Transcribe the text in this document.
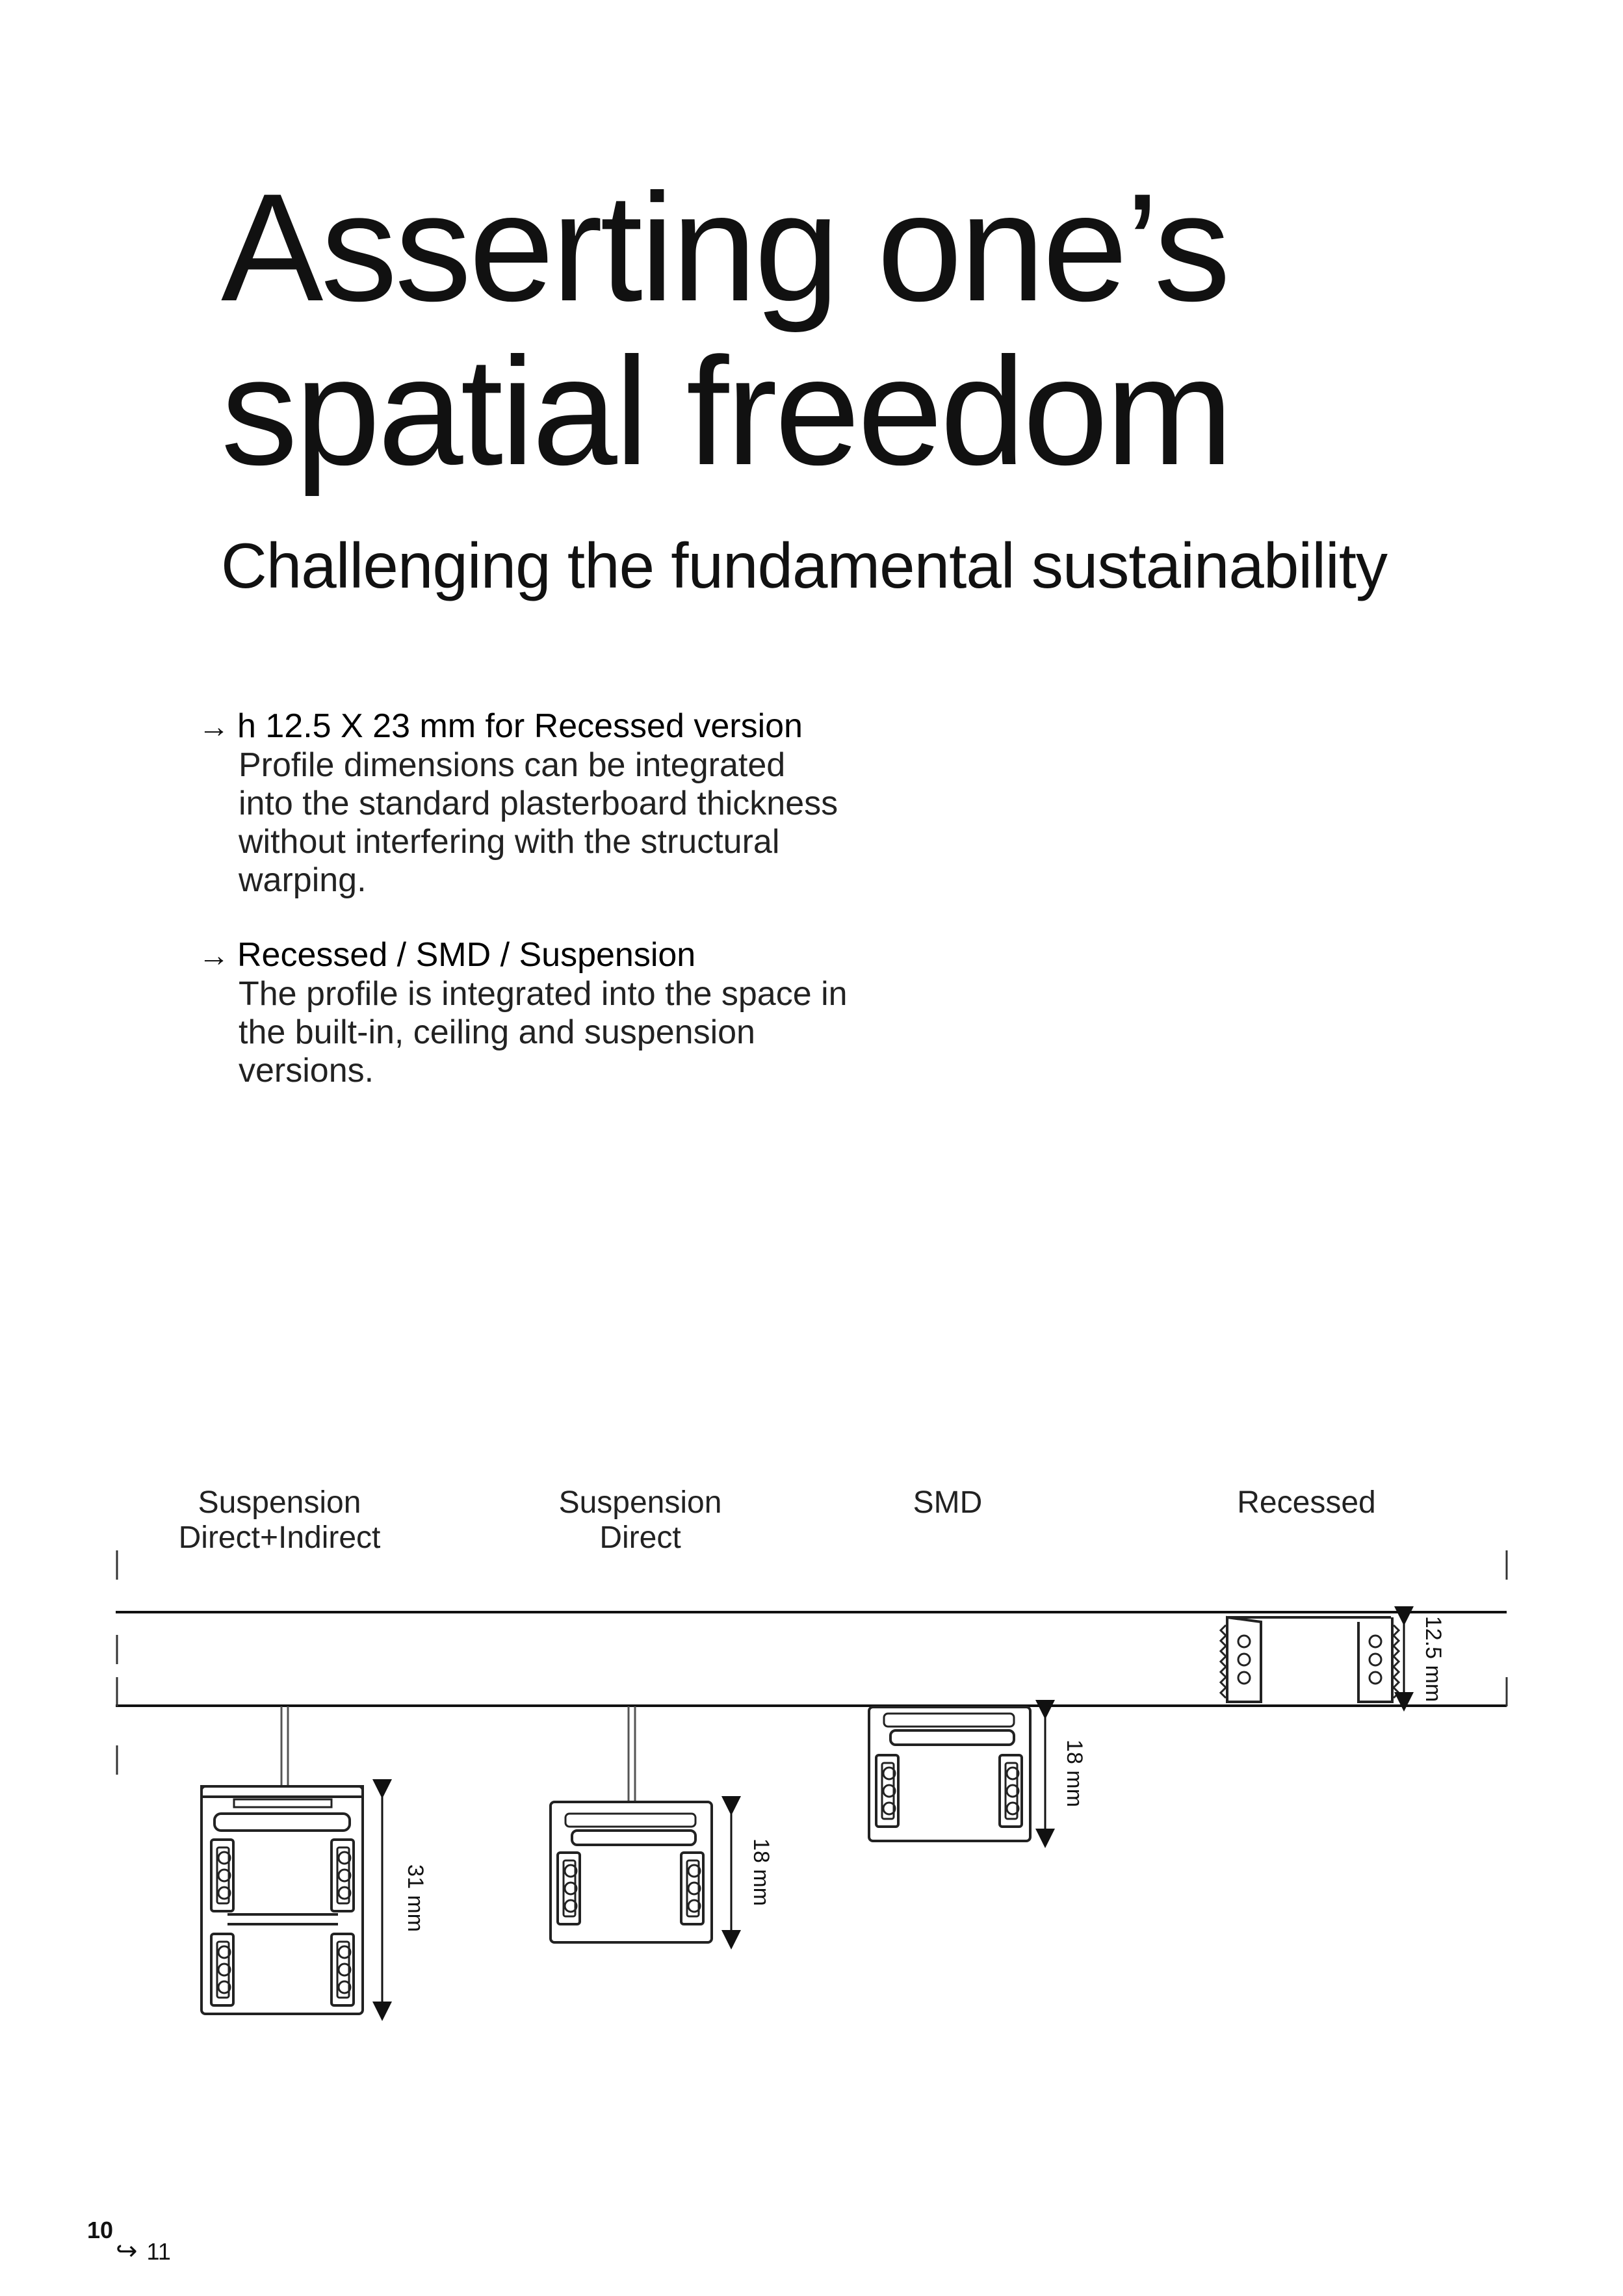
Asserting one’s
spatial freedom

Challenging the fundamental sustainability

→ h 12.5 X 23 mm for Recessed version
Profile dimensions can be integrated
into the standard plasterboard thickness
without interfering with the structural
warping.
→ Recessed / SMD / Suspension
The profile is integrated into the space in
the built-in, ceiling and suspension
versions.
Suspension
Direct+Indirect
Suspension
Direct
SMD	Recessed
31 mm	18 mm
18 mm
12.5 mm
10
↪ 11
